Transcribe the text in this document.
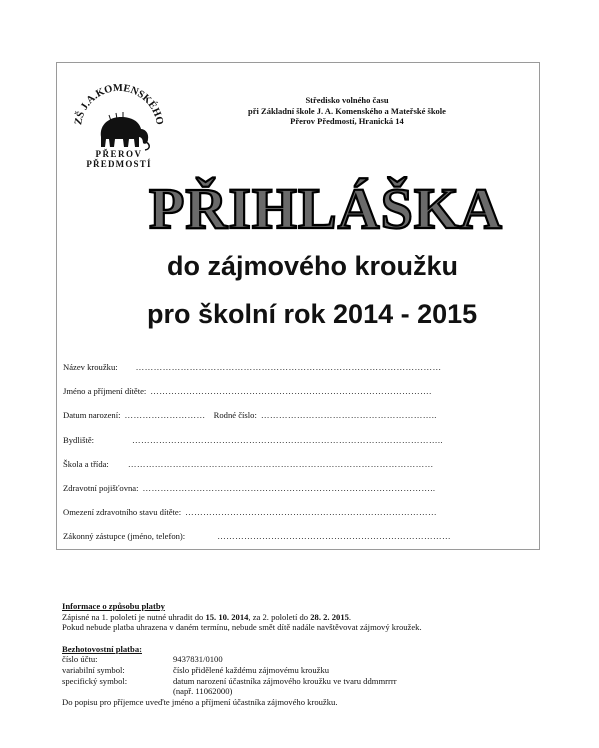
ZŠ J.A.KOMENSKÉHO
PŘEROV
PŘEDMOSTÍ
Středisko volného času
při Základní škole J. A. Komenského a Mateřské škole
Přerov Předmostí, Hranická 14
PŘIHLÁŠKA
do zájmového kroužku
pro školní rok 2014 - 2015
Název kroužku: …………………………………………………………………………………………
Jméno a příjmení dítěte: ………………………………………………………………………………….
Datum narození: ……………………… Rodné číslo: …………………………………………………..
Bydliště:	…………………………………………………………………………………………..
Škola a třída: …………………………………………………………………………………………
Zdravotní pojišťovna: ……………………………………………………………………………………..
Omezení zdravotního stavu dítěte: …………………………………………………………………………
Zákonný zástupce (jméno, telefon):	……………………………………………………………………
Informace o způsobu platby
Zápisné na 1. pololetí je nutné uhradit do 15. 10. 2014, za 2. pololetí do 28. 2. 2015.
Pokud nebude platba uhrazena v daném termínu, nebude smět dítě nadále navštěvovat zájmový kroužek.
Bezhotovostní platba:
číslo účtu:	9437831/0100
variabilní symbol:	číslo přidělené každému zájmovému kroužku
specifický symbol:	datum narození účastníka zájmového kroužku ve tvaru ddmmrrrr
(např. 11062000)
Do popisu pro příjemce uveďte jméno a příjmení účastníka zájmového kroužku.
